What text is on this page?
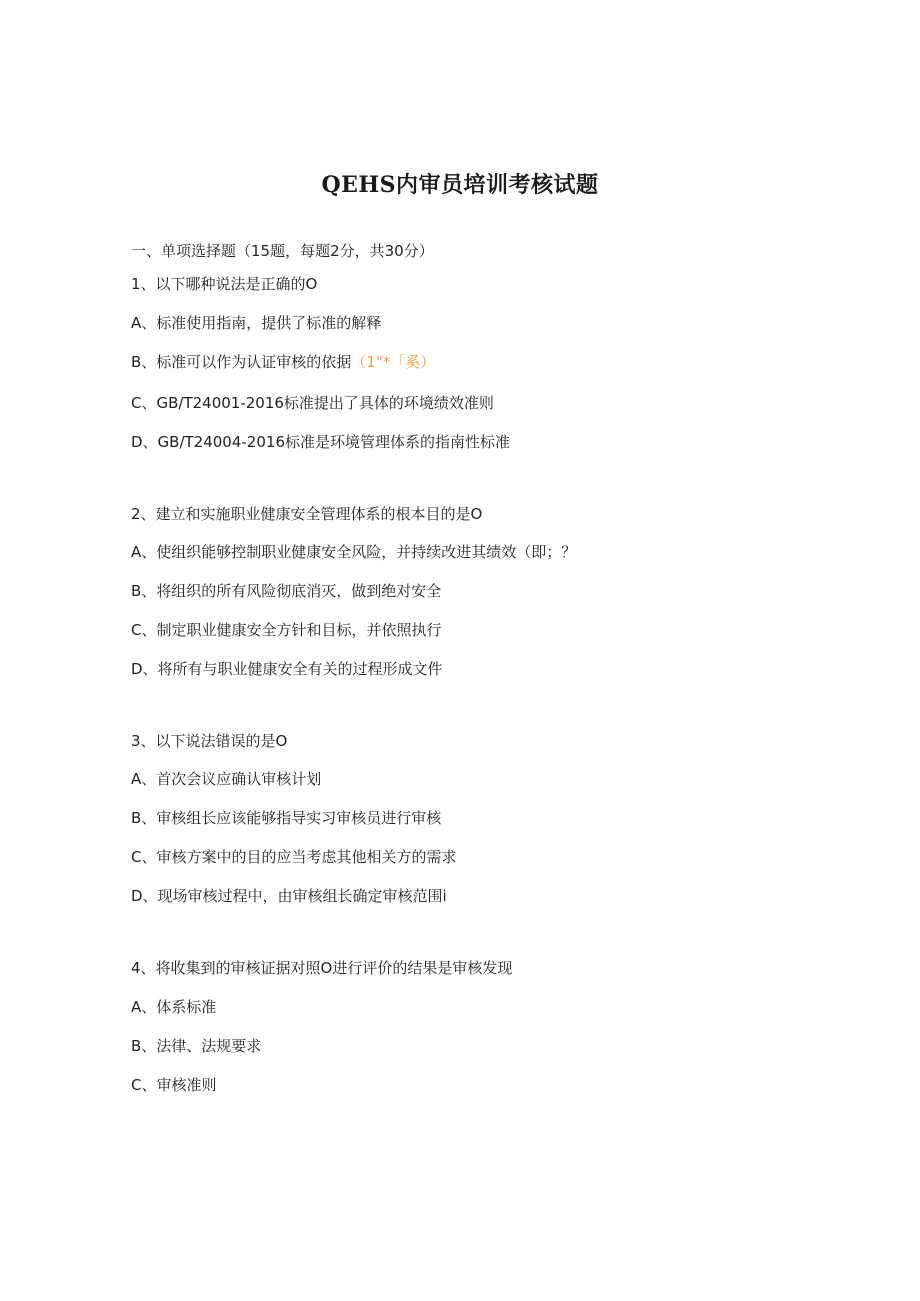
QEHS内审员培训考核试题
一、单项选择题（15题，每题2分，共30分）
1、以下哪种说法是正确的O
A、标准使用指南，提供了标准的解释
B、标准可以作为认证审核的依据（1"*「奚）
C、GB/T24001-2016标准提出了具体的环境绩效准则
D、GB/T24004-2016标准是环境管理体系的指南性标准
2、建立和实施职业健康安全管理体系的根本目的是O
A、使组织能够控制职业健康安全风险，并持续改进其绩效（即；？
B、将组织的所有风险彻底消灭，做到绝对安全
C、制定职业健康安全方针和目标，并依照执行
D、将所有与职业健康安全有关的过程形成文件
3、以下说法错误的是O
A、首次会议应确认审核计划
B、审核组长应该能够指导实习审核员进行审核
C、审核方案中的目的应当考虑其他相关方的需求
D、现场审核过程中，由审核组长确定审核范围i
4、将收集到的审核证据对照O进行评价的结果是审核发现
A、体系标准
B、法律、法规要求
C、审核准则
